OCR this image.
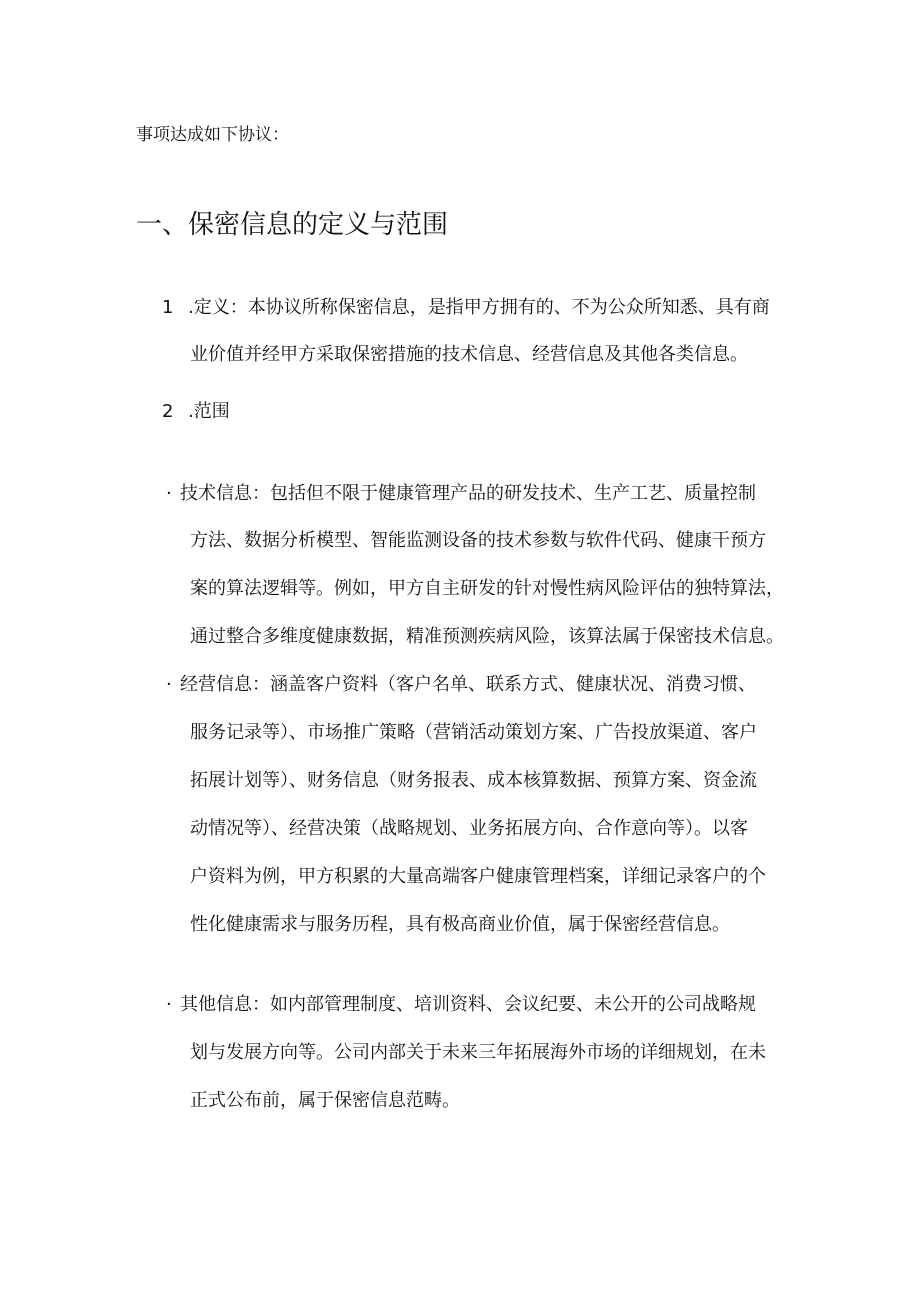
事项达成如下协议：
一、保密信息的定义与范围
1 .定义：本协议所称保密信息，是指甲方拥有的、不为公众所知悉、具有商
业价值并经甲方采取保密措施的技术信息、经营信息及其他各类信息。
2 .范围
· 技术信息：包括但不限于健康管理产品的研发技术、生产工艺、质量控制
方法、数据分析模型、智能监测设备的技术参数与软件代码、健康干预方
案的算法逻辑等。例如，甲方自主研发的针对慢性病风险评估的独特算法，
通过整合多维度健康数据，精准预测疾病风险，该算法属于保密技术信息。
· 经营信息：涵盖客户资料（客户名单、联系方式、健康状况、消费习惯、
服务记录等）、市场推广策略（营销活动策划方案、广告投放渠道、客户
拓展计划等）、财务信息（财务报表、成本核算数据、预算方案、资金流
动情况等）、经营决策（战略规划、业务拓展方向、合作意向等）。以客
户资料为例，甲方积累的大量高端客户健康管理档案，详细记录客户的个
性化健康需求与服务历程，具有极高商业价值，属于保密经营信息。
· 其他信息：如内部管理制度、培训资料、会议纪要、未公开的公司战略规
划与发展方向等。公司内部关于未来三年拓展海外市场的详细规划，在未
正式公布前，属于保密信息范畴。
